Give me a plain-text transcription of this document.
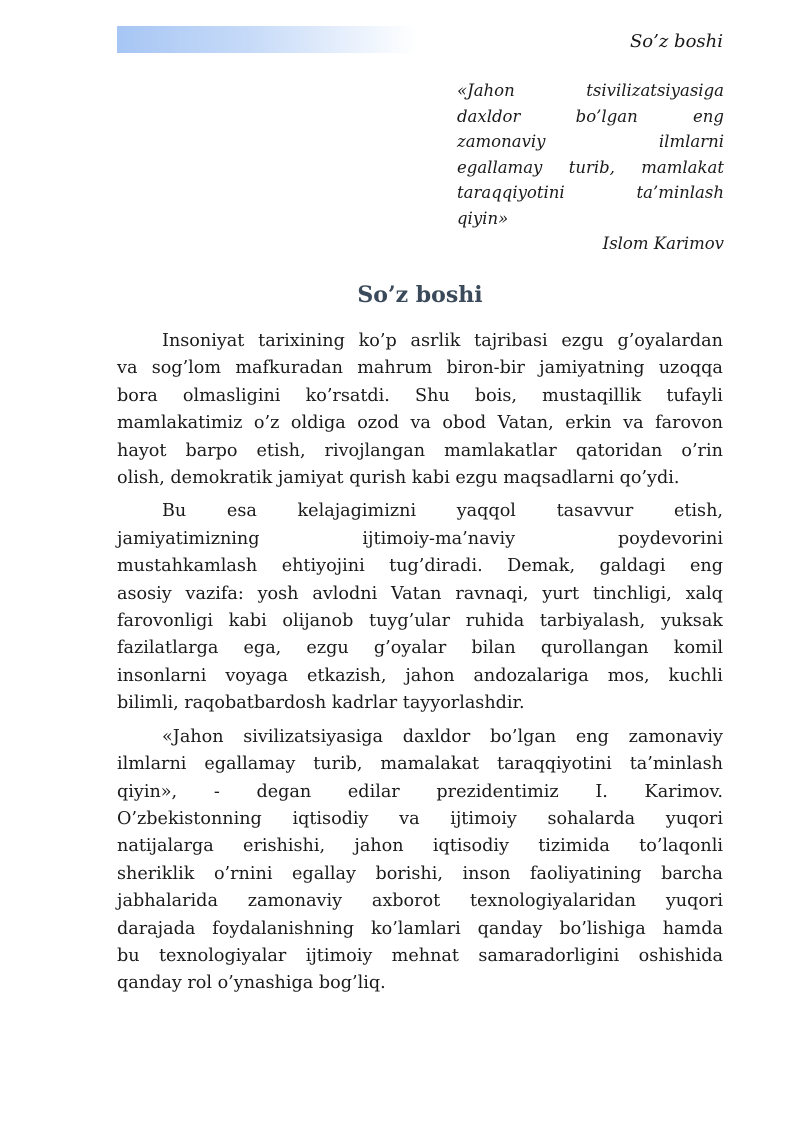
So’z boshi
«Jahon	tsivilizatsiyasiga
daxldor	bo’lgan	eng
zamonaviy	ilmlarni
egallamay turib, mamlakat
taraqqiyotini	ta’minlash
qiyin»
Islom Karimov
So’z boshi
Insoniyat tarixining ko’p asrlik tajribasi ezgu g’oyalardan
va sog’lom mafkuradan mahrum biron-bir jamiyatning uzoqqa
bora olmasligini ko’rsatdi. Shu bois, mustaqillik tufayli
mamlakatimiz o’z oldiga ozod va obod Vatan, erkin va farovon
hayot barpo etish, rivojlangan mamlakatlar qatoridan o’rin
olish, demokratik jamiyat qurish kabi ezgu maqsadlarni qo’ydi.
Bu esa kelajagimizni yaqqol tasavvur etish,
jamiyatimizning	ijtimoiy-ma’naviy	poydevorini
mustahkamlash ehtiyojini tug’diradi. Demak, galdagi eng
asosiy vazifa: yosh avlodni Vatan ravnaqi, yurt tinchligi, xalq
farovonligi kabi olijanob tuyg’ular ruhida tarbiyalash, yuksak
fazilatlarga ega, ezgu g’oyalar bilan qurollangan komil
insonlarni voyaga etkazish, jahon andozalariga mos, kuchli
bilimli, raqobatbardosh kadrlar tayyorlashdir.
«Jahon sivilizatsiyasiga daxldor bo’lgan eng zamonaviy
ilmlarni egallamay turib, mamalakat taraqqiyotini ta’minlash
qiyin», - degan edilar prezidentimiz I. Karimov.
O’zbekistonning iqtisodiy va ijtimoiy sohalarda yuqori
natijalarga erishishi, jahon iqtisodiy tizimida to’laqonli
sheriklik o’rnini egallay borishi, inson faoliyatining barcha
jabhalarida zamonaviy axborot texnologiyalaridan yuqori
darajada foydalanishning ko’lamlari qanday bo’lishiga hamda
bu texnologiyalar ijtimoiy mehnat samaradorligini oshishida
qanday rol o’ynashiga bog’liq.
